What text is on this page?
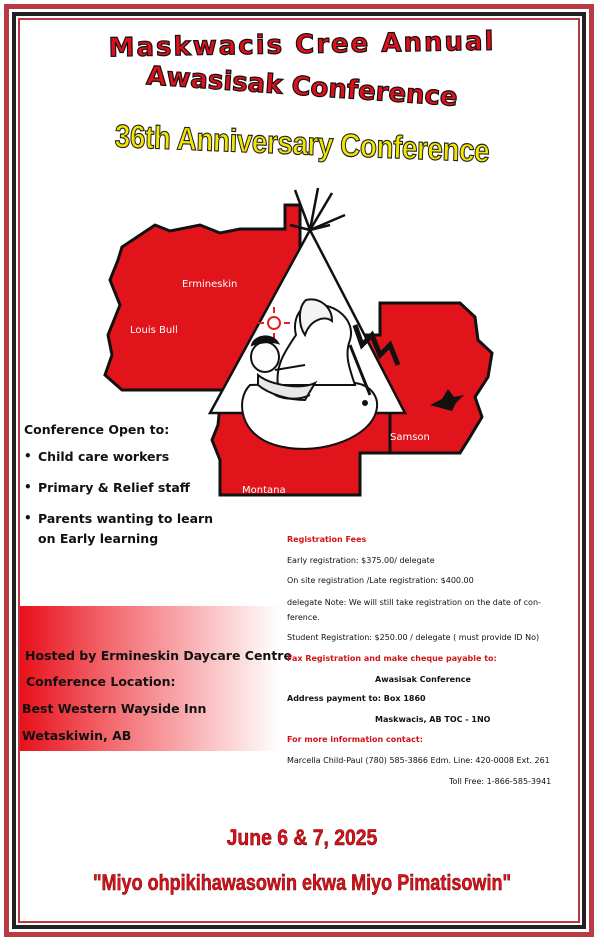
Maskwacis Cree Annual
Awasisak Conference
36th Anniversary Conference
Ermineskin
Louis Bull
Samson
Montana
Conference Open to:
• Child care workers
• Primary & Relief staff
• Parents wanting to learn on Early learning
Hosted by Ermineskin Daycare Centre
Conference Location:
Best Western Wayside Inn
Wetaskiwin, AB
Registration Fees
Early registration: $375.00/ delegate
On site registration /Late registration: $400.00
delegate Note: We will still take registration on the date of con-
ference.
Student Registration: $250.00 / delegate ( must provide ID No)
Fax Registration and make cheque payable to:
Awasisak Conference
Address payment to: Box 1860
Maskwacis, AB TOC - 1NO
For more information contact:
Marcella Child-Paul (780) 585-3866 Edm. Line: 420-0008 Ext. 261
Toll Free: 1-866-585-3941
June 6 & 7, 2025
"Miyo ohpikihawasowin ekwa Miyo Pimatisowin"
